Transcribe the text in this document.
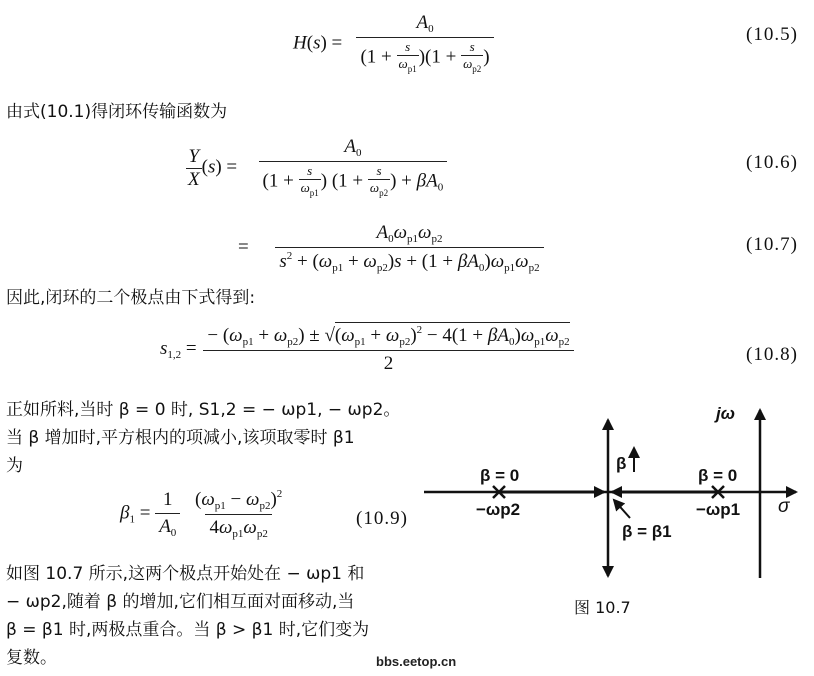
$H(s) = \frac{A_0}{(1 + \frac{s}{\omega_{p1}} )(1 + \frac{s}{\omega_{p2}} )}$	(10.5)
由式(10.1)得闭环传输函数为
$\frac{Y}{X} (s) = \frac{A_0}{(1 + \frac{s}{\omega_{p1}} ) (1 + \frac{s}{\omega_{p2}} ) + \beta A_0}$	(10.6)
= $\frac{A_0\omega_{p1}\omega_{p2}}{s^2 + (\omega_{p1} + \omega_{p2})s + (1 + \beta A_0)\omega_{p1}\omega_{p2}}$	(10.7)
因此,闭环的二个极点由下式得到:
$s_{1,2} = \frac{- (\omega_{p1} + \omega_{p2}) \pm √(\omega_{p1} + \omega_{p2})^2 - 4(1 + \beta A_0)\omega_{p1}\omega_{p2}}{2}$	(10.8)
正如所料,当时 β = 0 时, S1,2 = − ωp1, − ωp2。
当 β 增加时,平方根内的项减小,该项取零时 β1
为
$\beta_1 = \frac{1}{A_0}$
$\frac{(\omega_{p1} - \omega_{p2})^2}{4\omega_{p1}\omega_{p2}}$	(10.9)
如图 10.7 所示,这两个极点开始处在 − ωp1 和
− ωp2,随着 β 的增加,它们相互面对面移动,当
β = β1 时,两极点重合。当 β > β1 时,它们变为
复数。
jω
σ
β = 0	β = 0
−ωp2	−ωp1
β
β = β1
图 10.7
bbs.eetop.cn
